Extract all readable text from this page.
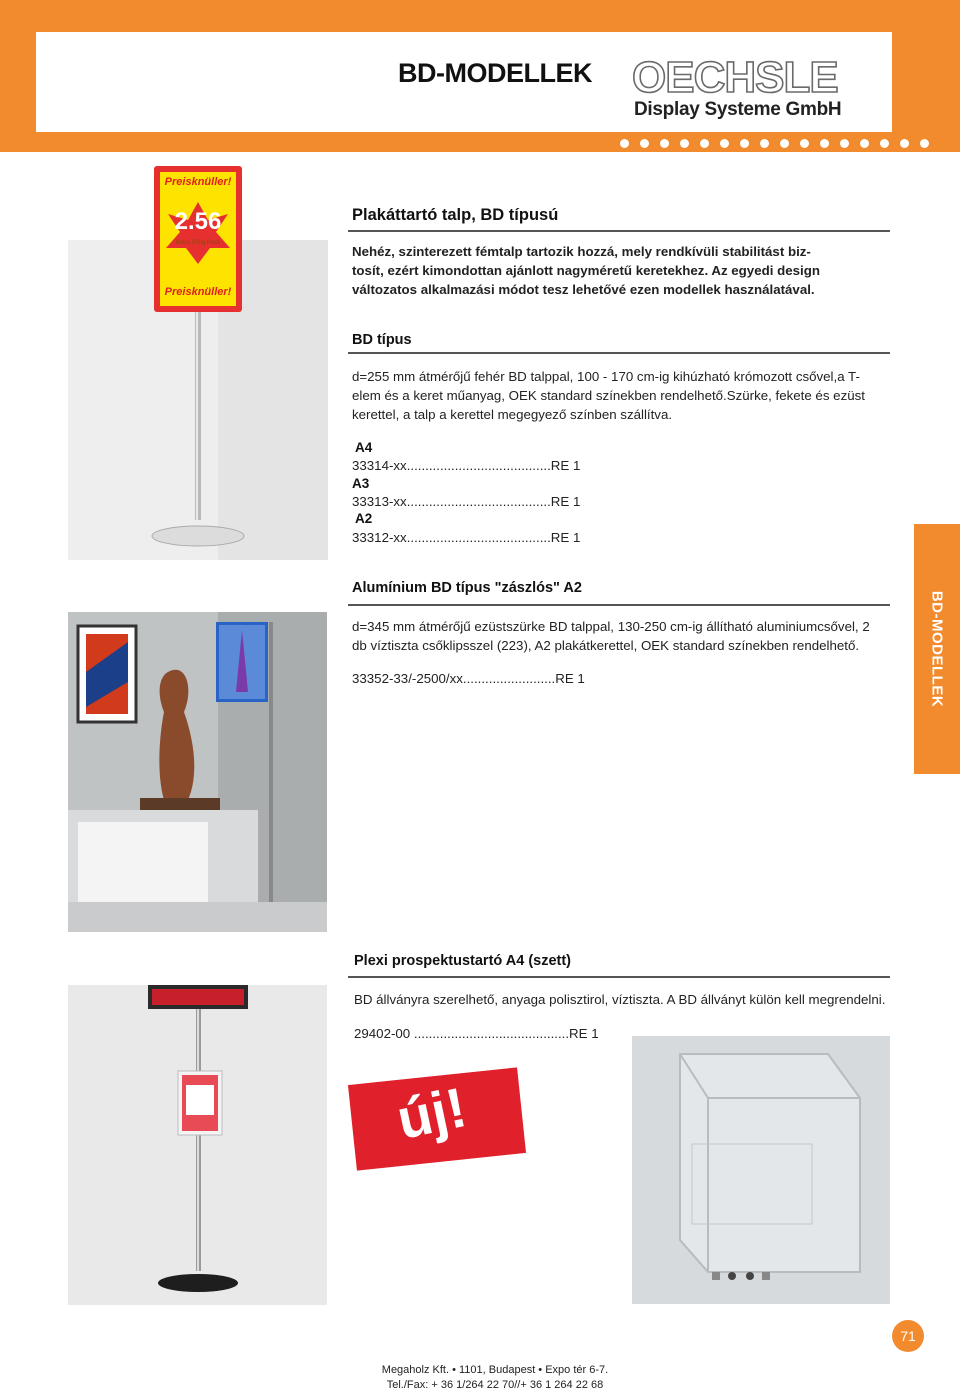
BD-MODELLEK OECHSLE
Display Systeme GmbH
Preisknüller!
2.56
Keksi 500g Pack
Preisknüller!
Plakáttartó talp, BD típusú
Nehéz, szinterezett fémtalp tartozik hozzá, mely rendkívüli stabilitást biz-
tosít, ezért kimondottan ajánlott nagyméretű keretekhez. Az egyedi design
változatos alkalmazási módot tesz lehetővé ezen modellek használatával.
BD típus
d=255 mm átmérőjű fehér BD talppal, 100 - 170 cm-ig kihúzható krómozott csővel,a T-
elem és a keret műanyag, OEK standard színekben rendelhető.Szürke, fekete és ezüst
kerettel, a talp a kerettel megegyező színben szállítva.
A4
33314-xx.......................................RE 1
A3
33313-xx.......................................RE 1
A2
33312-xx.......................................RE 1
BD-MODELLEK
Alumínium BD típus "zászlós" A2
d=345 mm átmérőjű ezüstszürke BD talppal, 130-250 cm-ig állítható aluminiumcsővel, 2
db víztiszta csőklipsszel (223), A2 plakátkerettel, OEK standard színekben rendelhető.
33352-33/-2500/xx.........................RE 1
Plexi prospektustartó A4 (szett)
BD állványra szerelhető, anyaga polisztirol, víztiszta. A BD állványt külön kell megrendelni.
29402-00 ..........................................RE 1
új!
71
Megaholz Kft. • 1101, Budapest • Expo tér 6-7.
Tel./Fax: + 36 1/264 22 70//+ 36 1 264 22 68
